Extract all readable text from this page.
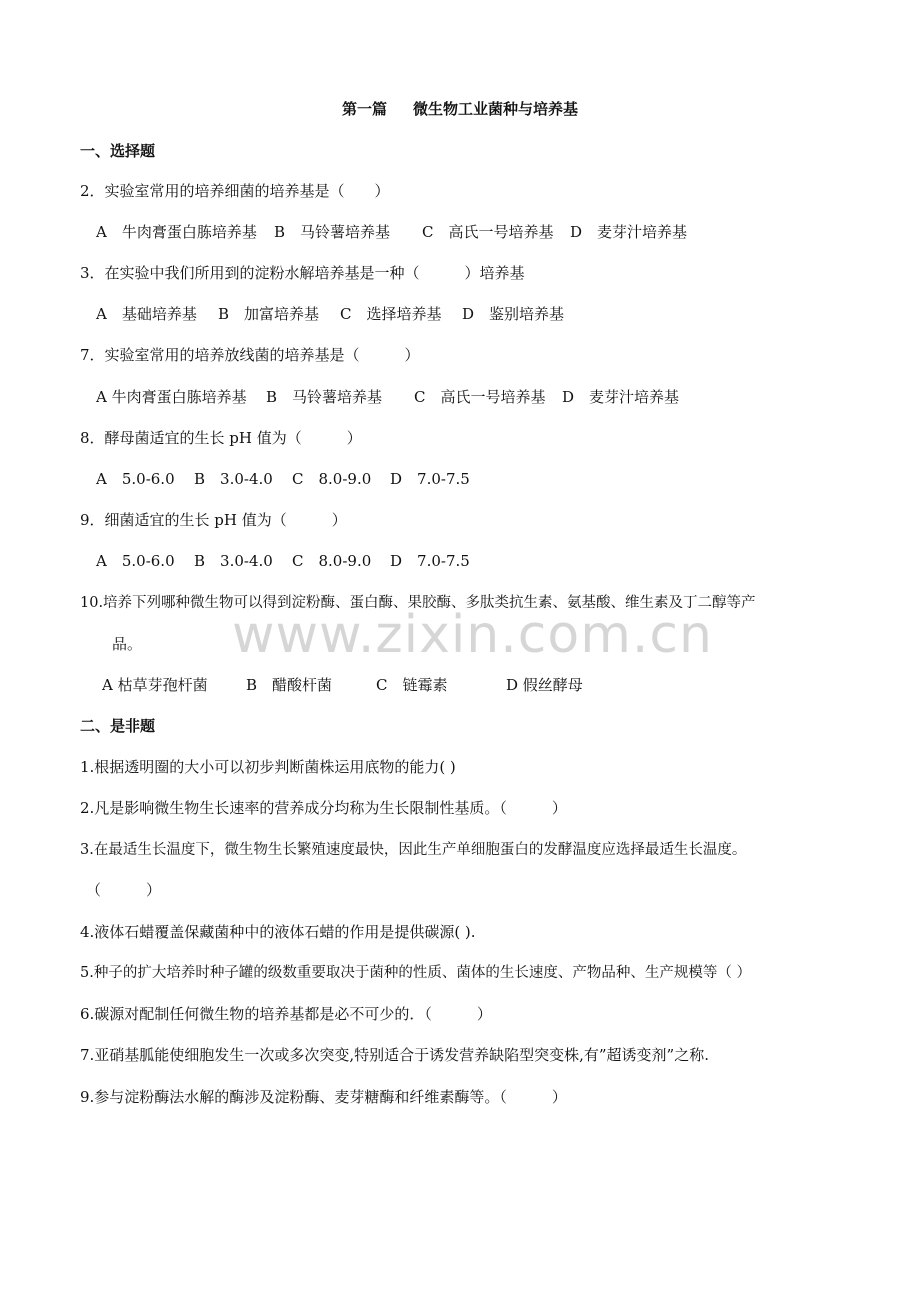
www.zixin.com.cn
第一篇 微生物工业菌种与培养基
一、选择题
2．实验室常用的培养细菌的培养基是（　　）
A　牛肉膏蛋白胨培养基 B　马铃薯培养基 C　高氏一号培养基 D　麦芽汁培养基
3．在实验中我们所用到的淀粉水解培养基是一种（　　　）培养基
A　基础培养基 B　加富培养基 C　选择培养基 D　鉴别培养基
7．实验室常用的培养放线菌的培养基是（　　　）
A 牛肉膏蛋白胨培养基 B　马铃薯培养基 C　高氏一号培养基 D　麦芽汁培养基
8．酵母菌适宜的生长 pH 值为（　　　）
A　5.0-6.0 B　3.0-4.0 C　8.0-9.0 D　7.0-7.5
9．细菌适宜的生长 pH 值为（　　　）
A　5.0-6.0 B　3.0-4.0 C　8.0-9.0 D　7.0-7.5
10.培养下列哪种微生物可以得到淀粉酶、蛋白酶、果胶酶、多肽类抗生素、氨基酸、维生素及丁二醇等产
品。
A 枯草芽孢杆菌	B　醋酸杆菌	C　链霉素	D 假丝酵母
二、是非题
1.根据透明圈的大小可以初步判断菌株运用底物的能力( )
2.凡是影响微生物生长速率的营养成分均称为生长限制性基质。（　　　）
3.在最适生长温度下，微生物生长繁殖速度最快，因此生产单细胞蛋白的发酵温度应选择最适生长温度。
（　　　）
4.液体石蜡覆盖保藏菌种中的液体石蜡的作用是提供碳源( ).
5.种子的扩大培养时种子罐的级数重要取决于菌种的性质、菌体的生长速度、产物品种、生产规模等（ ）
6.碳源对配制任何微生物的培养基都是必不可少的．（　　　）
7.亚硝基胍能使细胞发生一次或多次突变,特别适合于诱发营养缺陷型突变株,有”超诱变剂”之称.
9.参与淀粉酶法水解的酶涉及淀粉酶、麦芽糖酶和纤维素酶等。（　　　）
